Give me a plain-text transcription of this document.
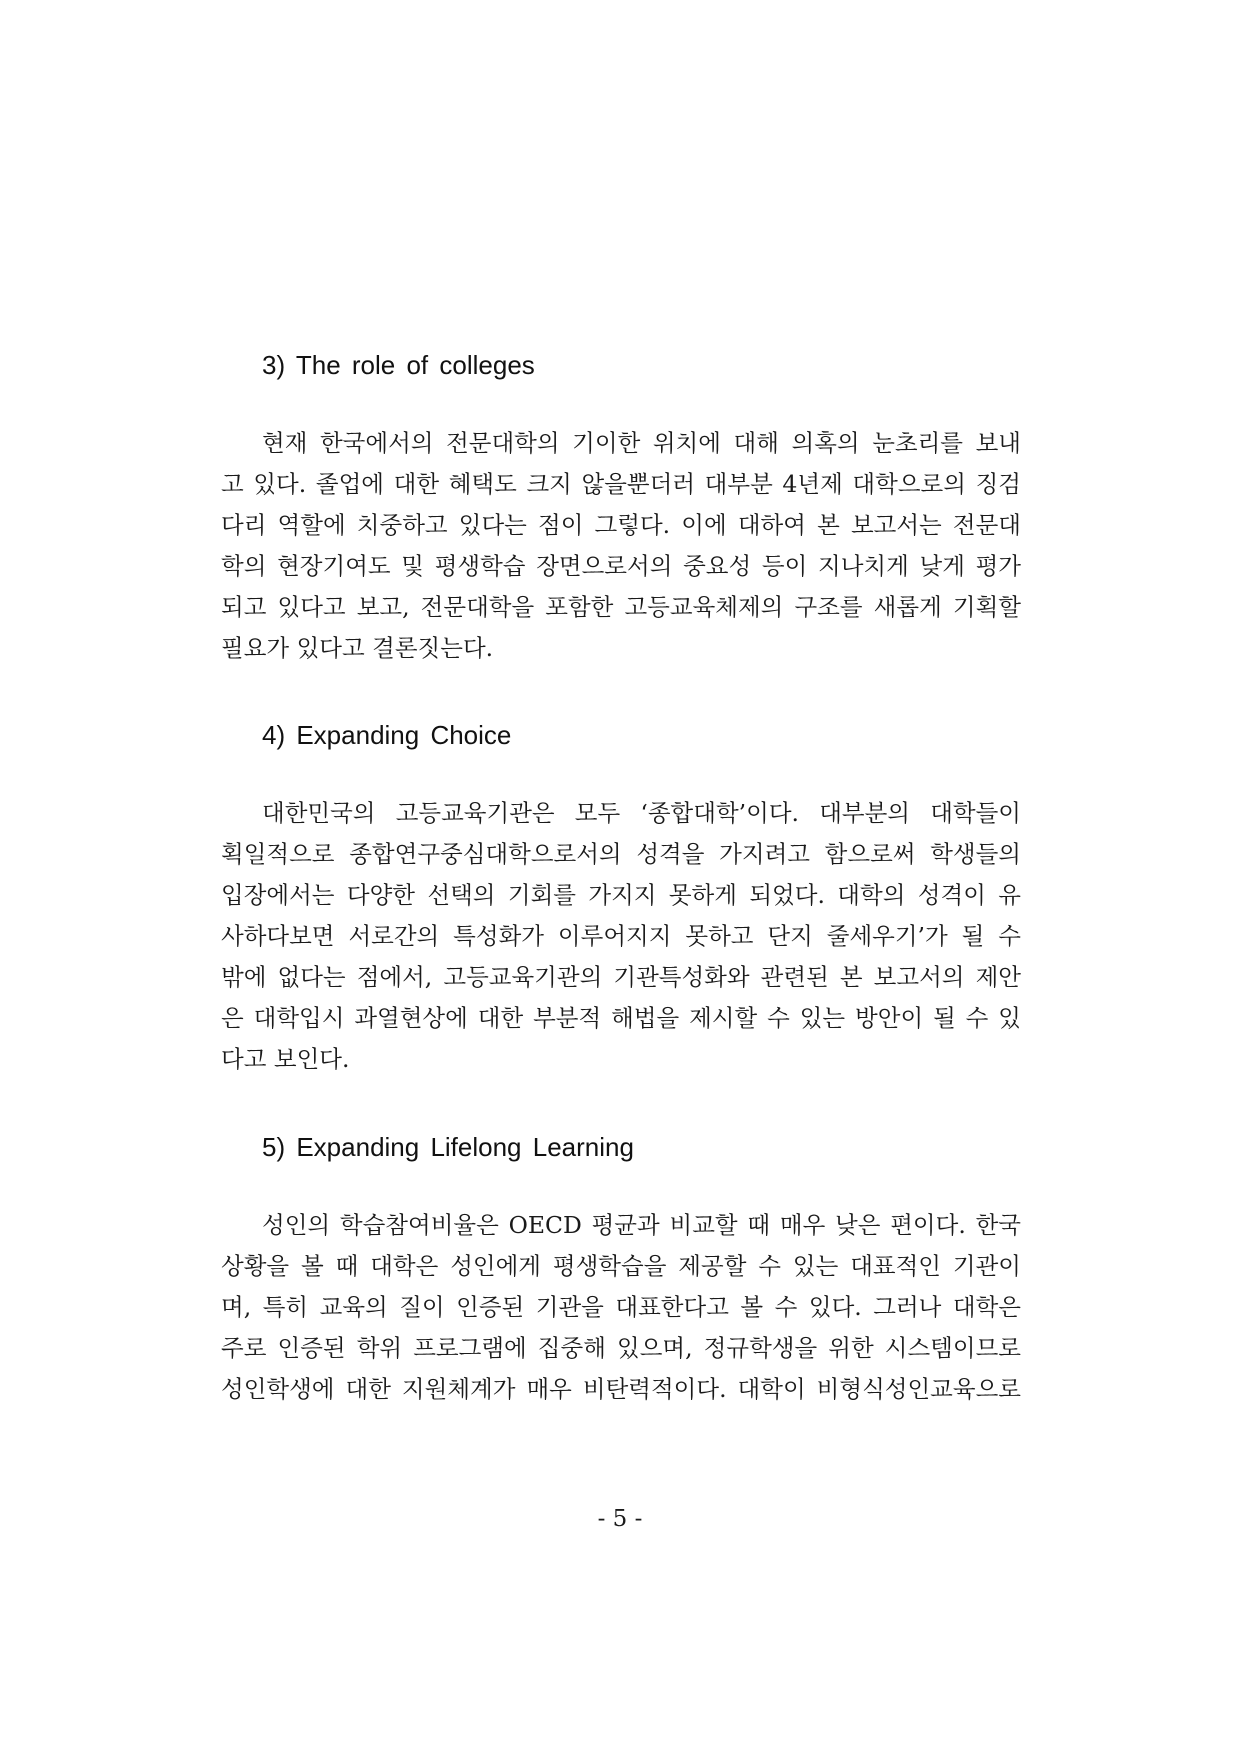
3) The role of colleges

현재 한국에서의 전문대학의 기이한 위치에 대해 의혹의 눈초리를 보내

고 있다. 졸업에 대한 혜택도 크지 않을뿐더러 대부분 4년제 대학으로의 징검

다리 역할에 치중하고 있다는 점이 그렇다. 이에 대하여 본 보고서는 전문대

학의 현장기여도 및 평생학습 장면으로서의 중요성 등이 지나치게 낮게 평가

되고 있다고 보고, 전문대학을 포함한 고등교육체제의 구조를 새롭게 기획할

필요가 있다고 결론짓는다.

4) Expanding Choice

대한민국의 고등교육기관은 모두 ‘종합대학’이다. 대부분의 대학들이

획일적으로 종합연구중심대학으로서의 성격을 가지려고 함으로써 학생들의

입장에서는 다양한 선택의 기회를 가지지 못하게 되었다. 대학의 성격이 유

사하다보면 서로간의 특성화가 이루어지지 못하고 단지 줄세우기’가 될 수

밖에 없다는 점에서, 고등교육기관의 기관특성화와 관련된 본 보고서의 제안

은 대학입시 과열현상에 대한 부분적 해법을 제시할 수 있는 방안이 될 수 있

다고 보인다.

5) Expanding Lifelong Learning

성인의 학습참여비율은 OECD 평균과 비교할 때 매우 낮은 편이다. 한국

상황을 볼 때 대학은 성인에게 평생학습을 제공할 수 있는 대표적인 기관이

며, 특히 교육의 질이 인증된 기관을 대표한다고 볼 수 있다. 그러나 대학은

주로 인증된 학위 프로그램에 집중해 있으며, 정규학생을 위한 시스템이므로

성인학생에 대한 지원체계가 매우 비탄력적이다. 대학이 비형식성인교육으로

- 5 -
